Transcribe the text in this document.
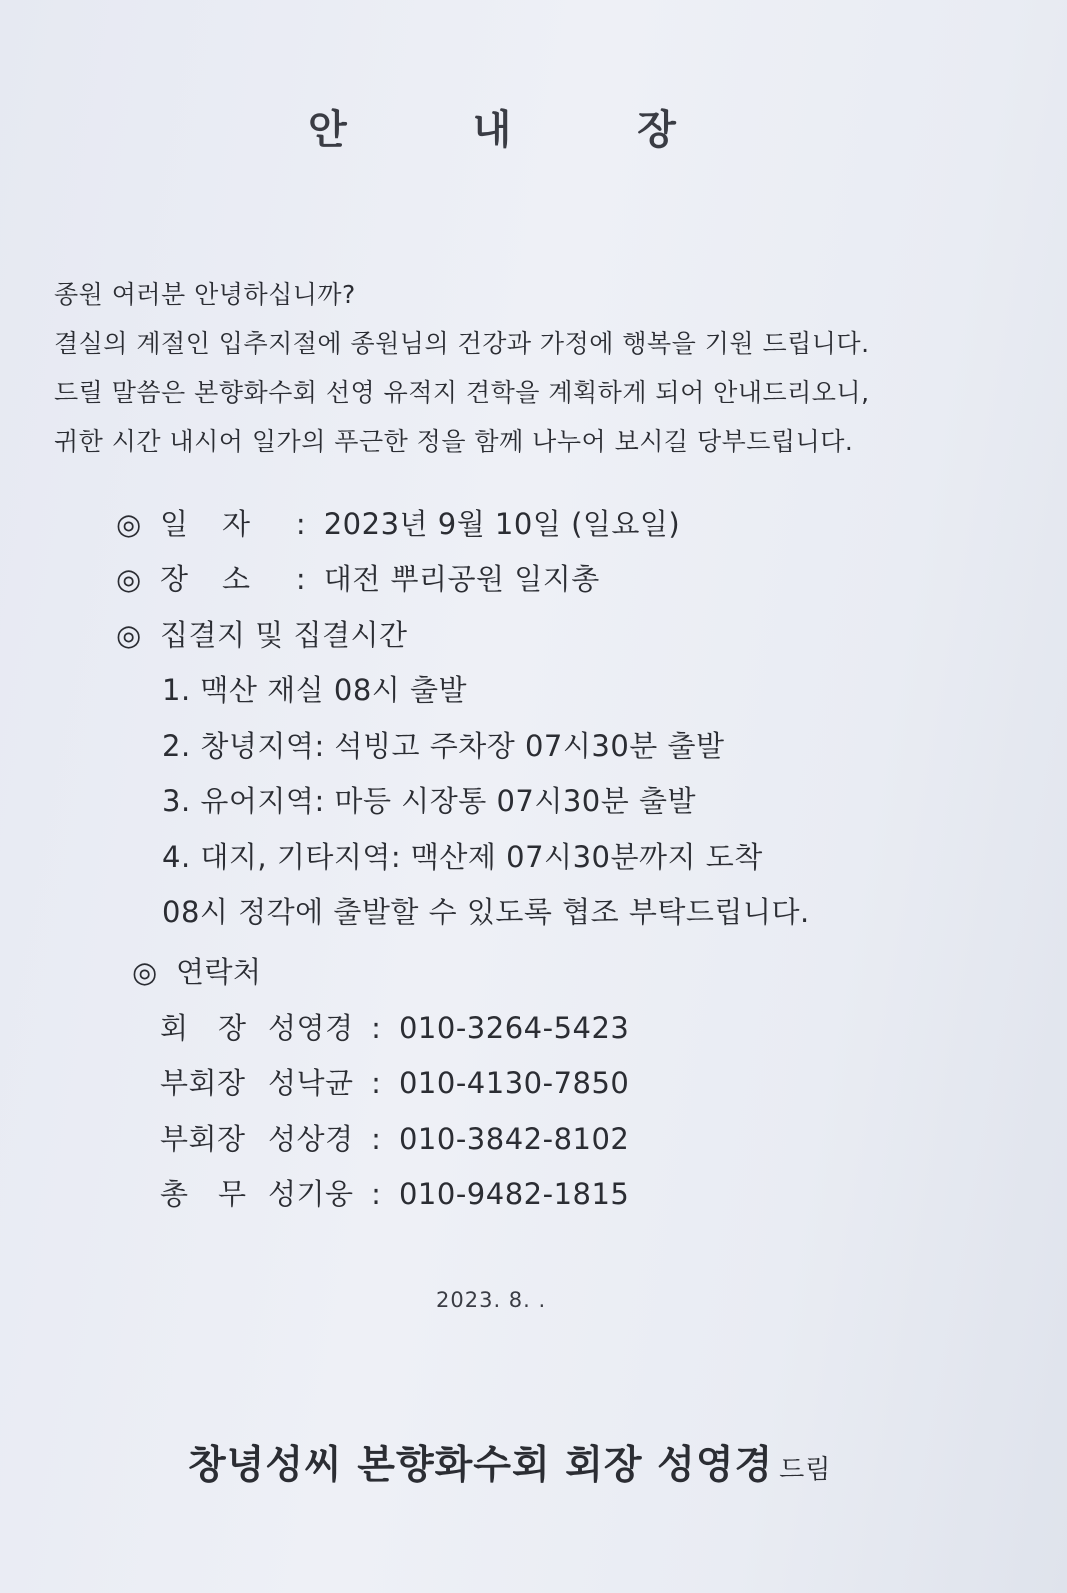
안 내 장
종원 여러분 안녕하십니까?
결실의 계절인 입추지절에 종원님의 건강과 가정에 행복을 기원 드립니다.
드릴 말씀은 본향화수회 선영 유적지 견학을 계획하게 되어 안내드리오니,
귀한 시간 내시어 일가의 푸근한 정을 함께 나누어 보시길 당부드립니다.
◎ 일 자 : 2023년 9월 10일 (일요일)
◎ 장 소 : 대전 뿌리공원 일지총
◎ 집결지 및 집결시간
1. 맥산 재실 08시 출발
2. 창녕지역: 석빙고 주차장 07시30분 출발
3. 유어지역: 마등 시장통 07시30분 출발
4. 대지, 기타지역: 맥산제 07시30분까지 도착
08시 정각에 출발할 수 있도록 협조 부탁드립니다.
◎ 연락처
회 장 성영경 : 010-3264-5423
부회장 성낙균 : 010-4130-7850
부회장 성상경 : 010-3842-8102
총 무 성기웅 : 010-9482-1815
2023. 8. .
창녕성씨 본향화수회 회장 성영경 드림
